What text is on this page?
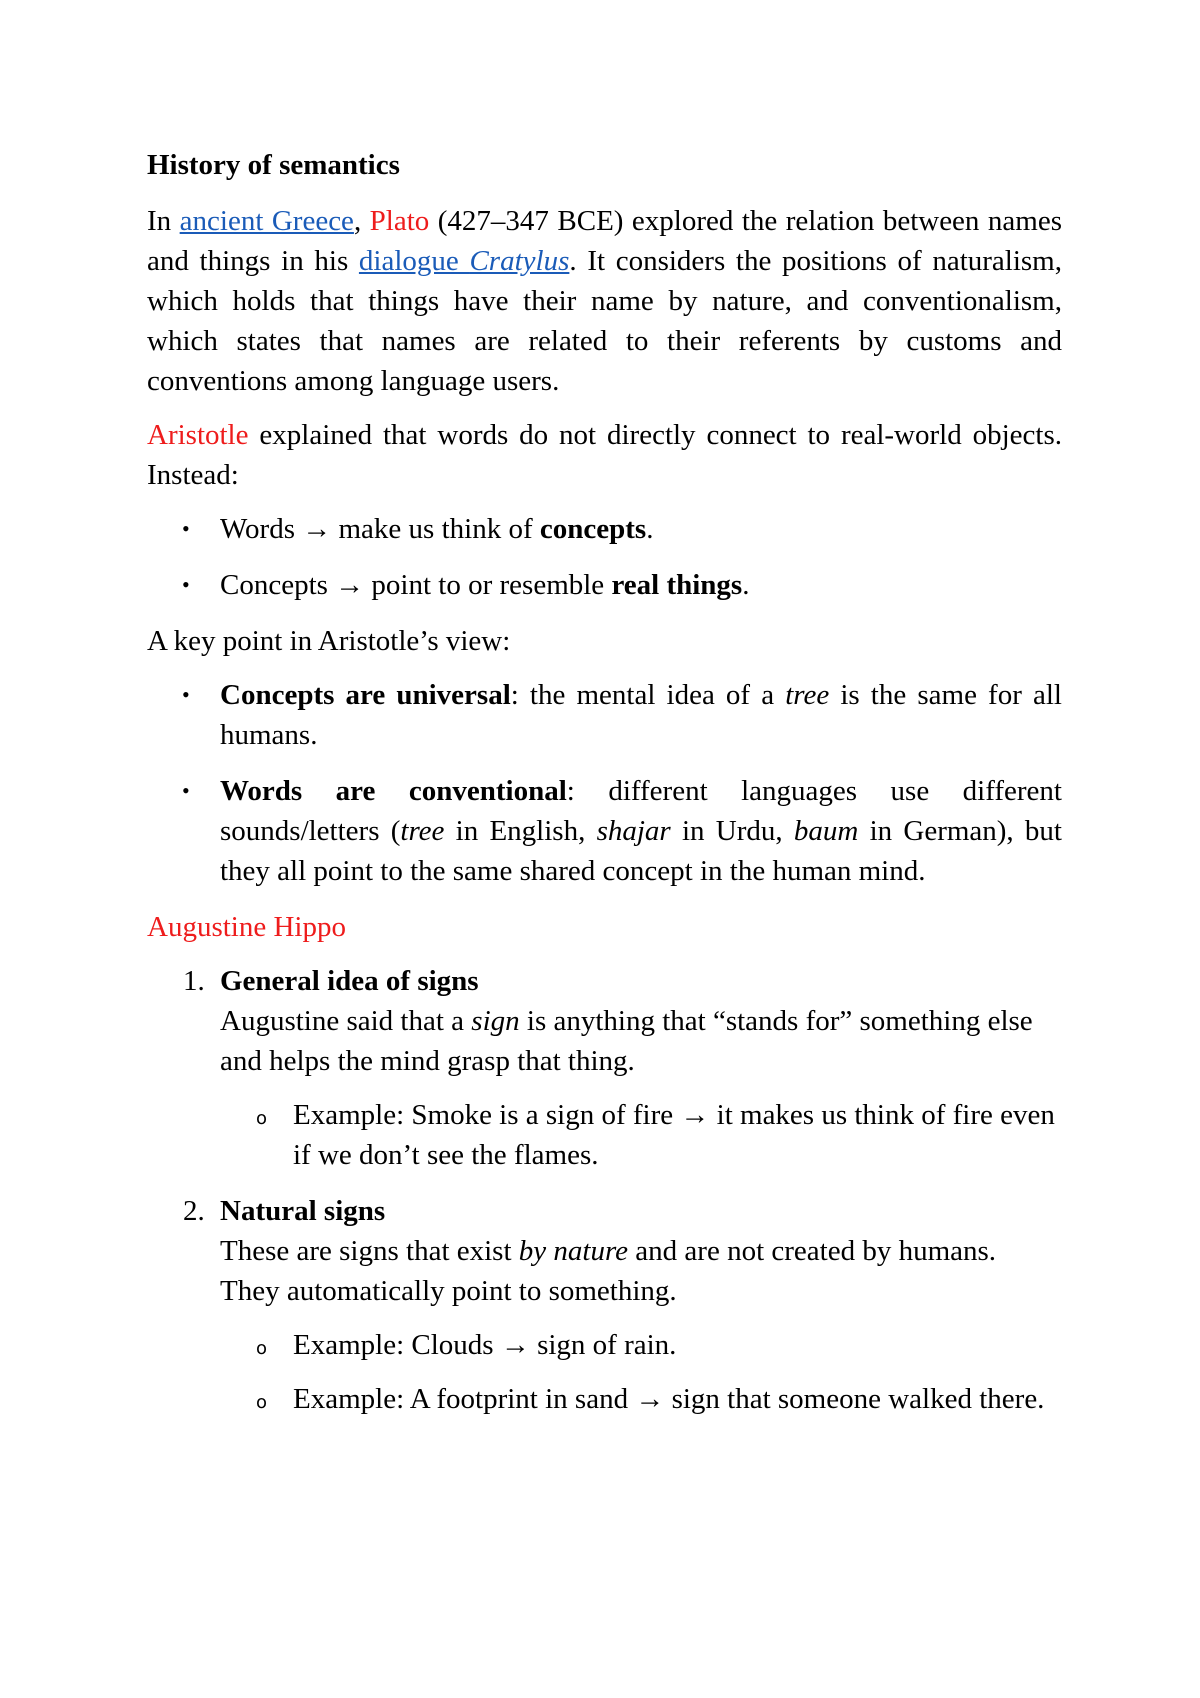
History of semantics

In ancient Greece, Plato (427–347 BCE) explored the relation between names and things in his dialogue Cratylus. It considers the positions of naturalism, which holds that things have their name by nature, and conventionalism, which states that names are related to their referents by customs and conventions among language users.

Aristotle explained that words do not directly connect to real-world objects. Instead:

• Words → make us think of concepts.
• Concepts → point to or resemble real things.

A key point in Aristotle’s view:

• Concepts are universal: the mental idea of a tree is the same for all humans.
• Words are conventional: different languages use different sounds/letters (tree in English, shajar in Urdu, baum in German), but they all point to the same shared concept in the human mind.

Augustine Hippo

1. General idea of signs
Augustine said that a sign is anything that “stands for” something else and helps the mind grasp that thing.
o Example: Smoke is a sign of fire → it makes us think of fire even if we don’t see the flames.
2. Natural signs
These are signs that exist by nature and are not created by humans. They automatically point to something.
o Example: Clouds → sign of rain.
o Example: A footprint in sand → sign that someone walked there.
